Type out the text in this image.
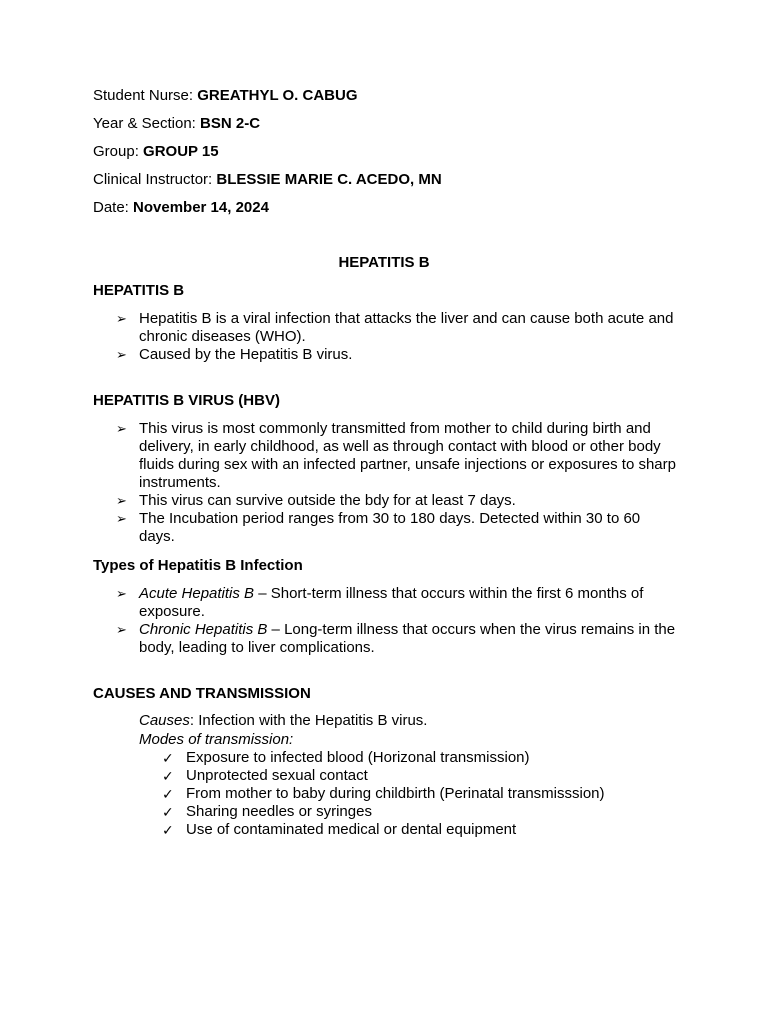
Student Nurse: GREATHYL O. CABUG
Year & Section: BSN 2-C
Group: GROUP 15
Clinical Instructor: BLESSIE MARIE C. ACEDO, MN
Date: November 14, 2024
HEPATITIS B
HEPATITIS B
➢ Hepatitis B is a viral infection that attacks the liver and can cause both acute and chronic diseases (WHO).
➢ Caused by the Hepatitis B virus.
HEPATITIS B VIRUS (HBV)
➢ This virus is most commonly transmitted from mother to child during birth and delivery, in early childhood, as well as through contact with blood or other body fluids during sex with an infected partner, unsafe injections or exposures to sharp instruments.
➢ This virus can survive outside the bdy for at least 7 days.
➢ The Incubation period ranges from 30 to 180 days. Detected within 30 to 60 days.
Types of Hepatitis B Infection
➢ Acute Hepatitis B – Short-term illness that occurs within the first 6 months of exposure.
➢ Chronic Hepatitis B – Long-term illness that occurs when the virus remains in the body, leading to liver complications.
CAUSES AND TRANSMISSION
Causes: Infection with the Hepatitis B virus.
Modes of transmission:
✓ Exposure to infected blood (Horizonal transmission)
✓ Unprotected sexual contact
✓ From mother to baby during childbirth (Perinatal transmisssion)
✓ Sharing needles or syringes
✓ Use of contaminated medical or dental equipment
